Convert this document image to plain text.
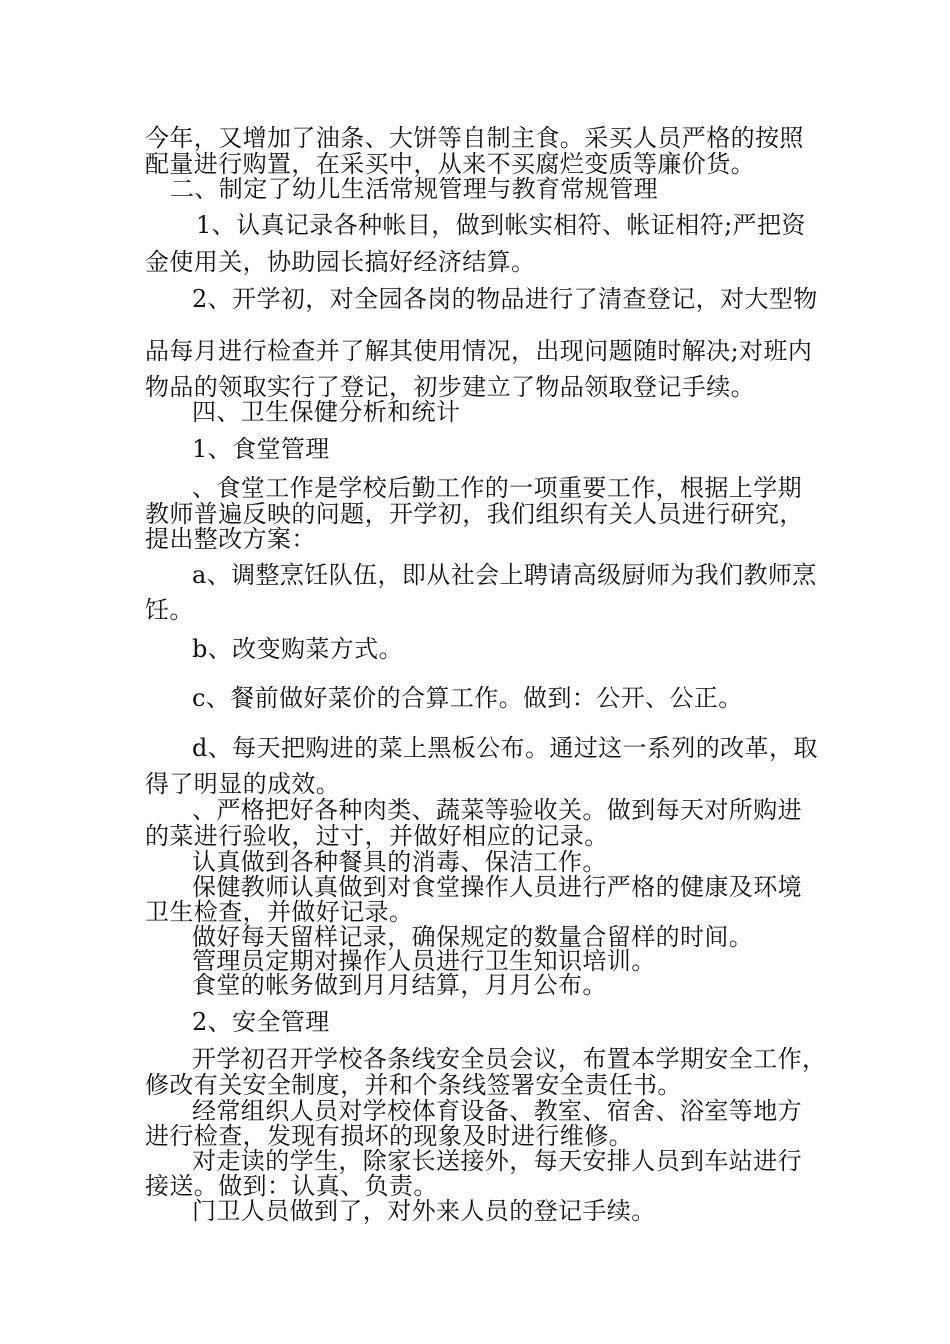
今年，又增加了油条、大饼等自制主食。采买人员严格的按照
配量进行购置，在采买中，从来不买腐烂变质等廉价货。
二、制定了幼儿生活常规管理与教育常规管理
1、认真记录各种帐目，做到帐实相符、帐证相符;严把资
金使用关，协助园长搞好经济结算。
2、开学初，对全园各岗的物品进行了清查登记，对大型物
品每月进行检查并了解其使用情况，出现问题随时解决;对班内
物品的领取实行了登记，初步建立了物品领取登记手续。
四、卫生保健分析和统计
1、食堂管理
、食堂工作是学校后勤工作的一项重要工作，根据上学期
教师普遍反映的问题，开学初，我们组织有关人员进行研究，
提出整改方案：
a、调整烹饪队伍，即从社会上聘请高级厨师为我们教师烹
饪。
b、改变购菜方式。
c、餐前做好菜价的合算工作。做到：公开、公正。
d、每天把购进的菜上黑板公布。通过这一系列的改革，取
得了明显的成效。
、严格把好各种肉类、蔬菜等验收关。做到每天对所购进
的菜进行验收，过寸，并做好相应的记录。
认真做到各种餐具的消毒、保洁工作。
保健教师认真做到对食堂操作人员进行严格的健康及环境
卫生检查，并做好记录。
做好每天留样记录，确保规定的数量合留样的时间。
管理员定期对操作人员进行卫生知识培训。
食堂的帐务做到月月结算，月月公布。
2、安全管理
开学初召开学校各条线安全员会议，布置本学期安全工作，
修改有关安全制度，并和个条线签署安全责任书。
经常组织人员对学校体育设备、教室、宿舍、浴室等地方
进行检查，发现有损坏的现象及时进行维修。
对走读的学生，除家长送接外，每天安排人员到车站进行
接送。做到：认真、负责。
门卫人员做到了，对外来人员的登记手续。
